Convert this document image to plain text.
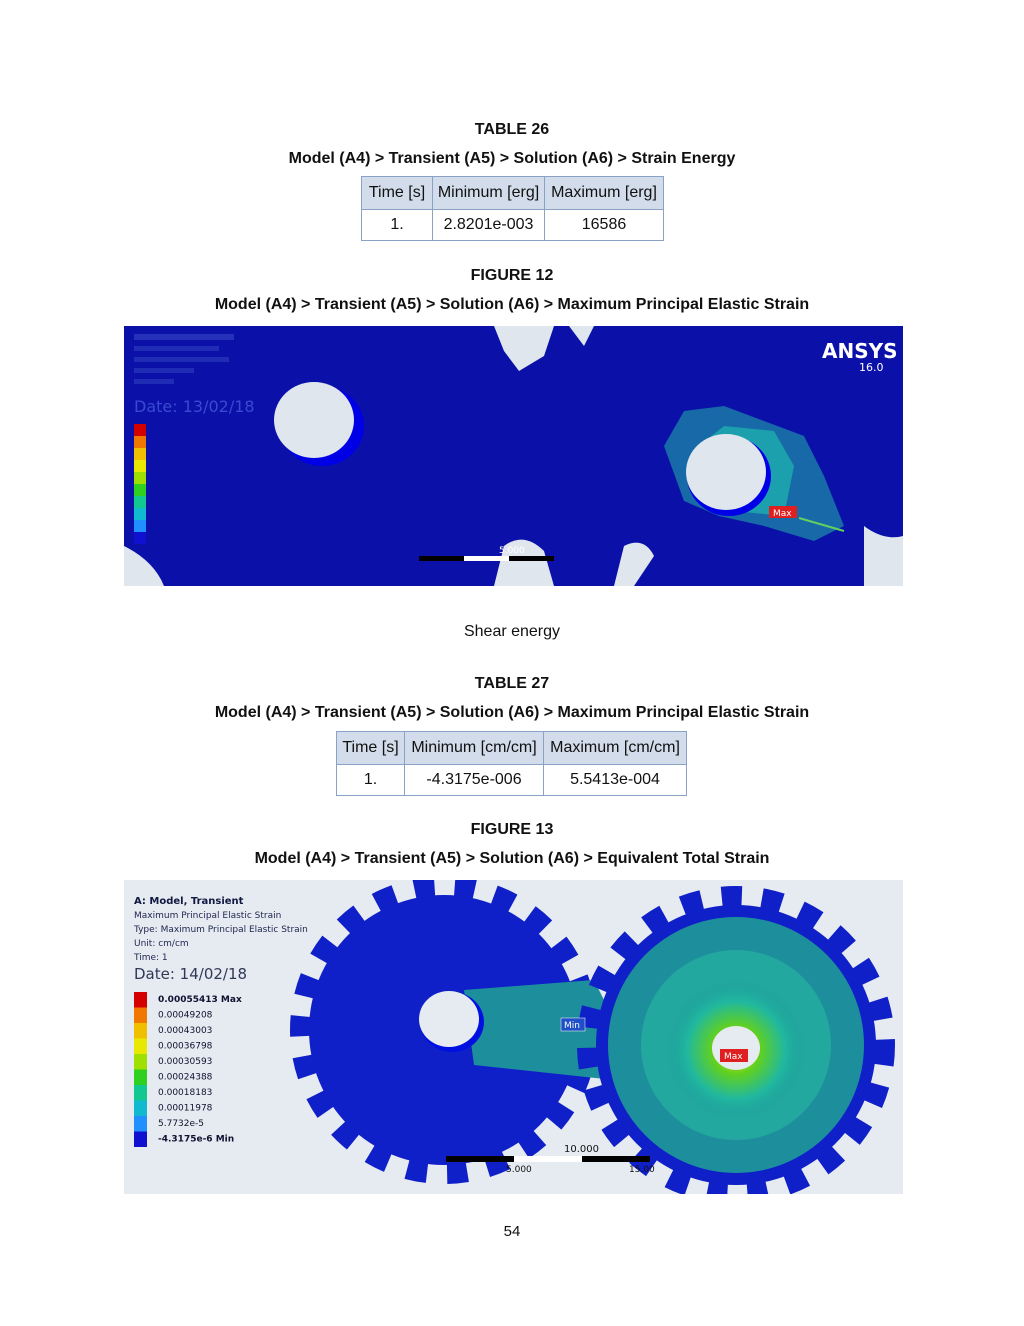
TABLE 26
Model (A4) > Transient (A5) > Solution (A6) > Strain Energy
Time [s]	Minimum [erg]	Maximum [erg]
1.	2.8201e-003	16586
FIGURE 12
Model (A4) > Transient (A5) > Solution (A6) > Maximum Principal Elastic Strain
Max
Date: 13/02/18
ANSYS
16.0
5.000
Shear energy
TABLE 27
Model (A4) > Transient (A5) > Solution (A6) > Maximum Principal Elastic Strain
Time [s]	Minimum [cm/cm]	Maximum [cm/cm]
1.	-4.3175e-006	5.5413e-004
FIGURE 13
Model (A4) > Transient (A5) > Solution (A6) > Equivalent Total Strain
Min
Max
A: Model, Transient
Maximum Principal Elastic Strain
Type: Maximum Principal Elastic Strain
Unit: cm/cm
Time: 1
Date: 14/02/18
0.00055413 Max
0.00049208
0.00043003
0.00036798
0.00030593
0.00024388
0.00018183
0.00011978
5.7732e-5
-4.3175e-6 Min
10.000
5.000	15.00
54
